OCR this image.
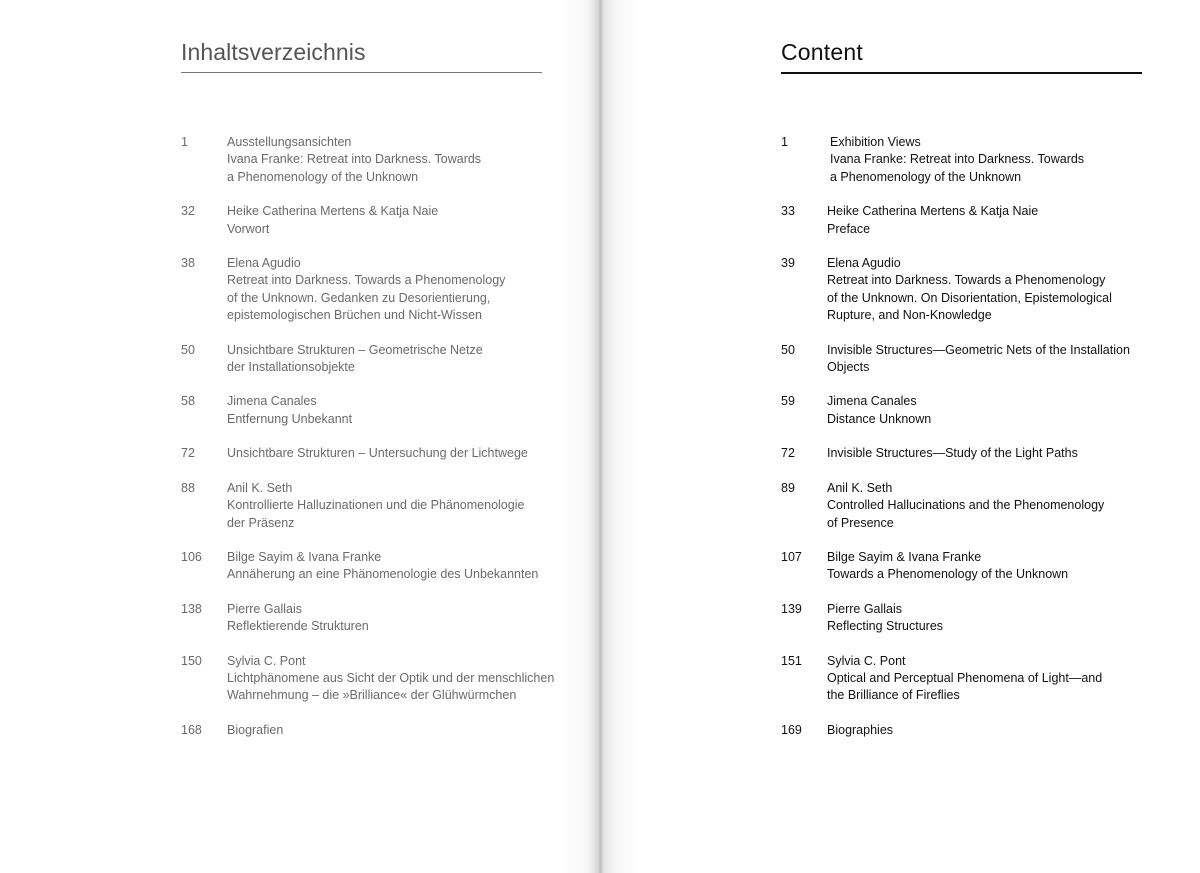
Inhaltsverzeichnis
1	Ausstellungsansichten
Ivana Franke: Retreat into Darkness. Towards
a Phenomenology of the Unknown
32	Heike Catherina Mertens & Katja Naie
Vorwort
38	Elena Agudio
Retreat into Darkness. Towards a Phenomenology
of the Unknown. Gedanken zu Desorientierung,
epistemologischen Brüchen und Nicht-Wissen
50	Unsichtbare Strukturen – Geometrische Netze
der Installationsobjekte
58	Jimena Canales
Entfernung Unbekannt
72	Unsichtbare Strukturen – Untersuchung der Lichtwege
88	Anil K. Seth
Kontrollierte Halluzinationen und die Phänomenologie
der Präsenz
106	Bilge Sayim & Ivana Franke
Annäherung an eine Phänomenologie des Unbekannten
138	Pierre Gallais
Reflektierende Strukturen
150	Sylvia C. Pont
Lichtphänomene aus Sicht der Optik und der menschlichen
Wahrnehmung – die »Brilliance« der Glühwürmchen
168	Biografien
Content
1	Exhibition Views
Ivana Franke: Retreat into Darkness. Towards
a Phenomenology of the Unknown
33	Heike Catherina Mertens & Katja Naie
Preface
39	Elena Agudio
Retreat into Darkness. Towards a Phenomenology
of the Unknown. On Disorientation, Epistemological
Rupture, and Non-Knowledge
50	Invisible Structures—Geometric Nets of the Installation
Objects
59	Jimena Canales
Distance Unknown
72	Invisible Structures—Study of the Light Paths
89	Anil K. Seth
Controlled Hallucinations and the Phenomenology
of Presence
107	Bilge Sayim & Ivana Franke
Towards a Phenomenology of the Unknown
139	Pierre Gallais
Reflecting Structures
151	Sylvia C. Pont
Optical and Perceptual Phenomena of Light—and
the Brilliance of Fireflies
169	Biographies
